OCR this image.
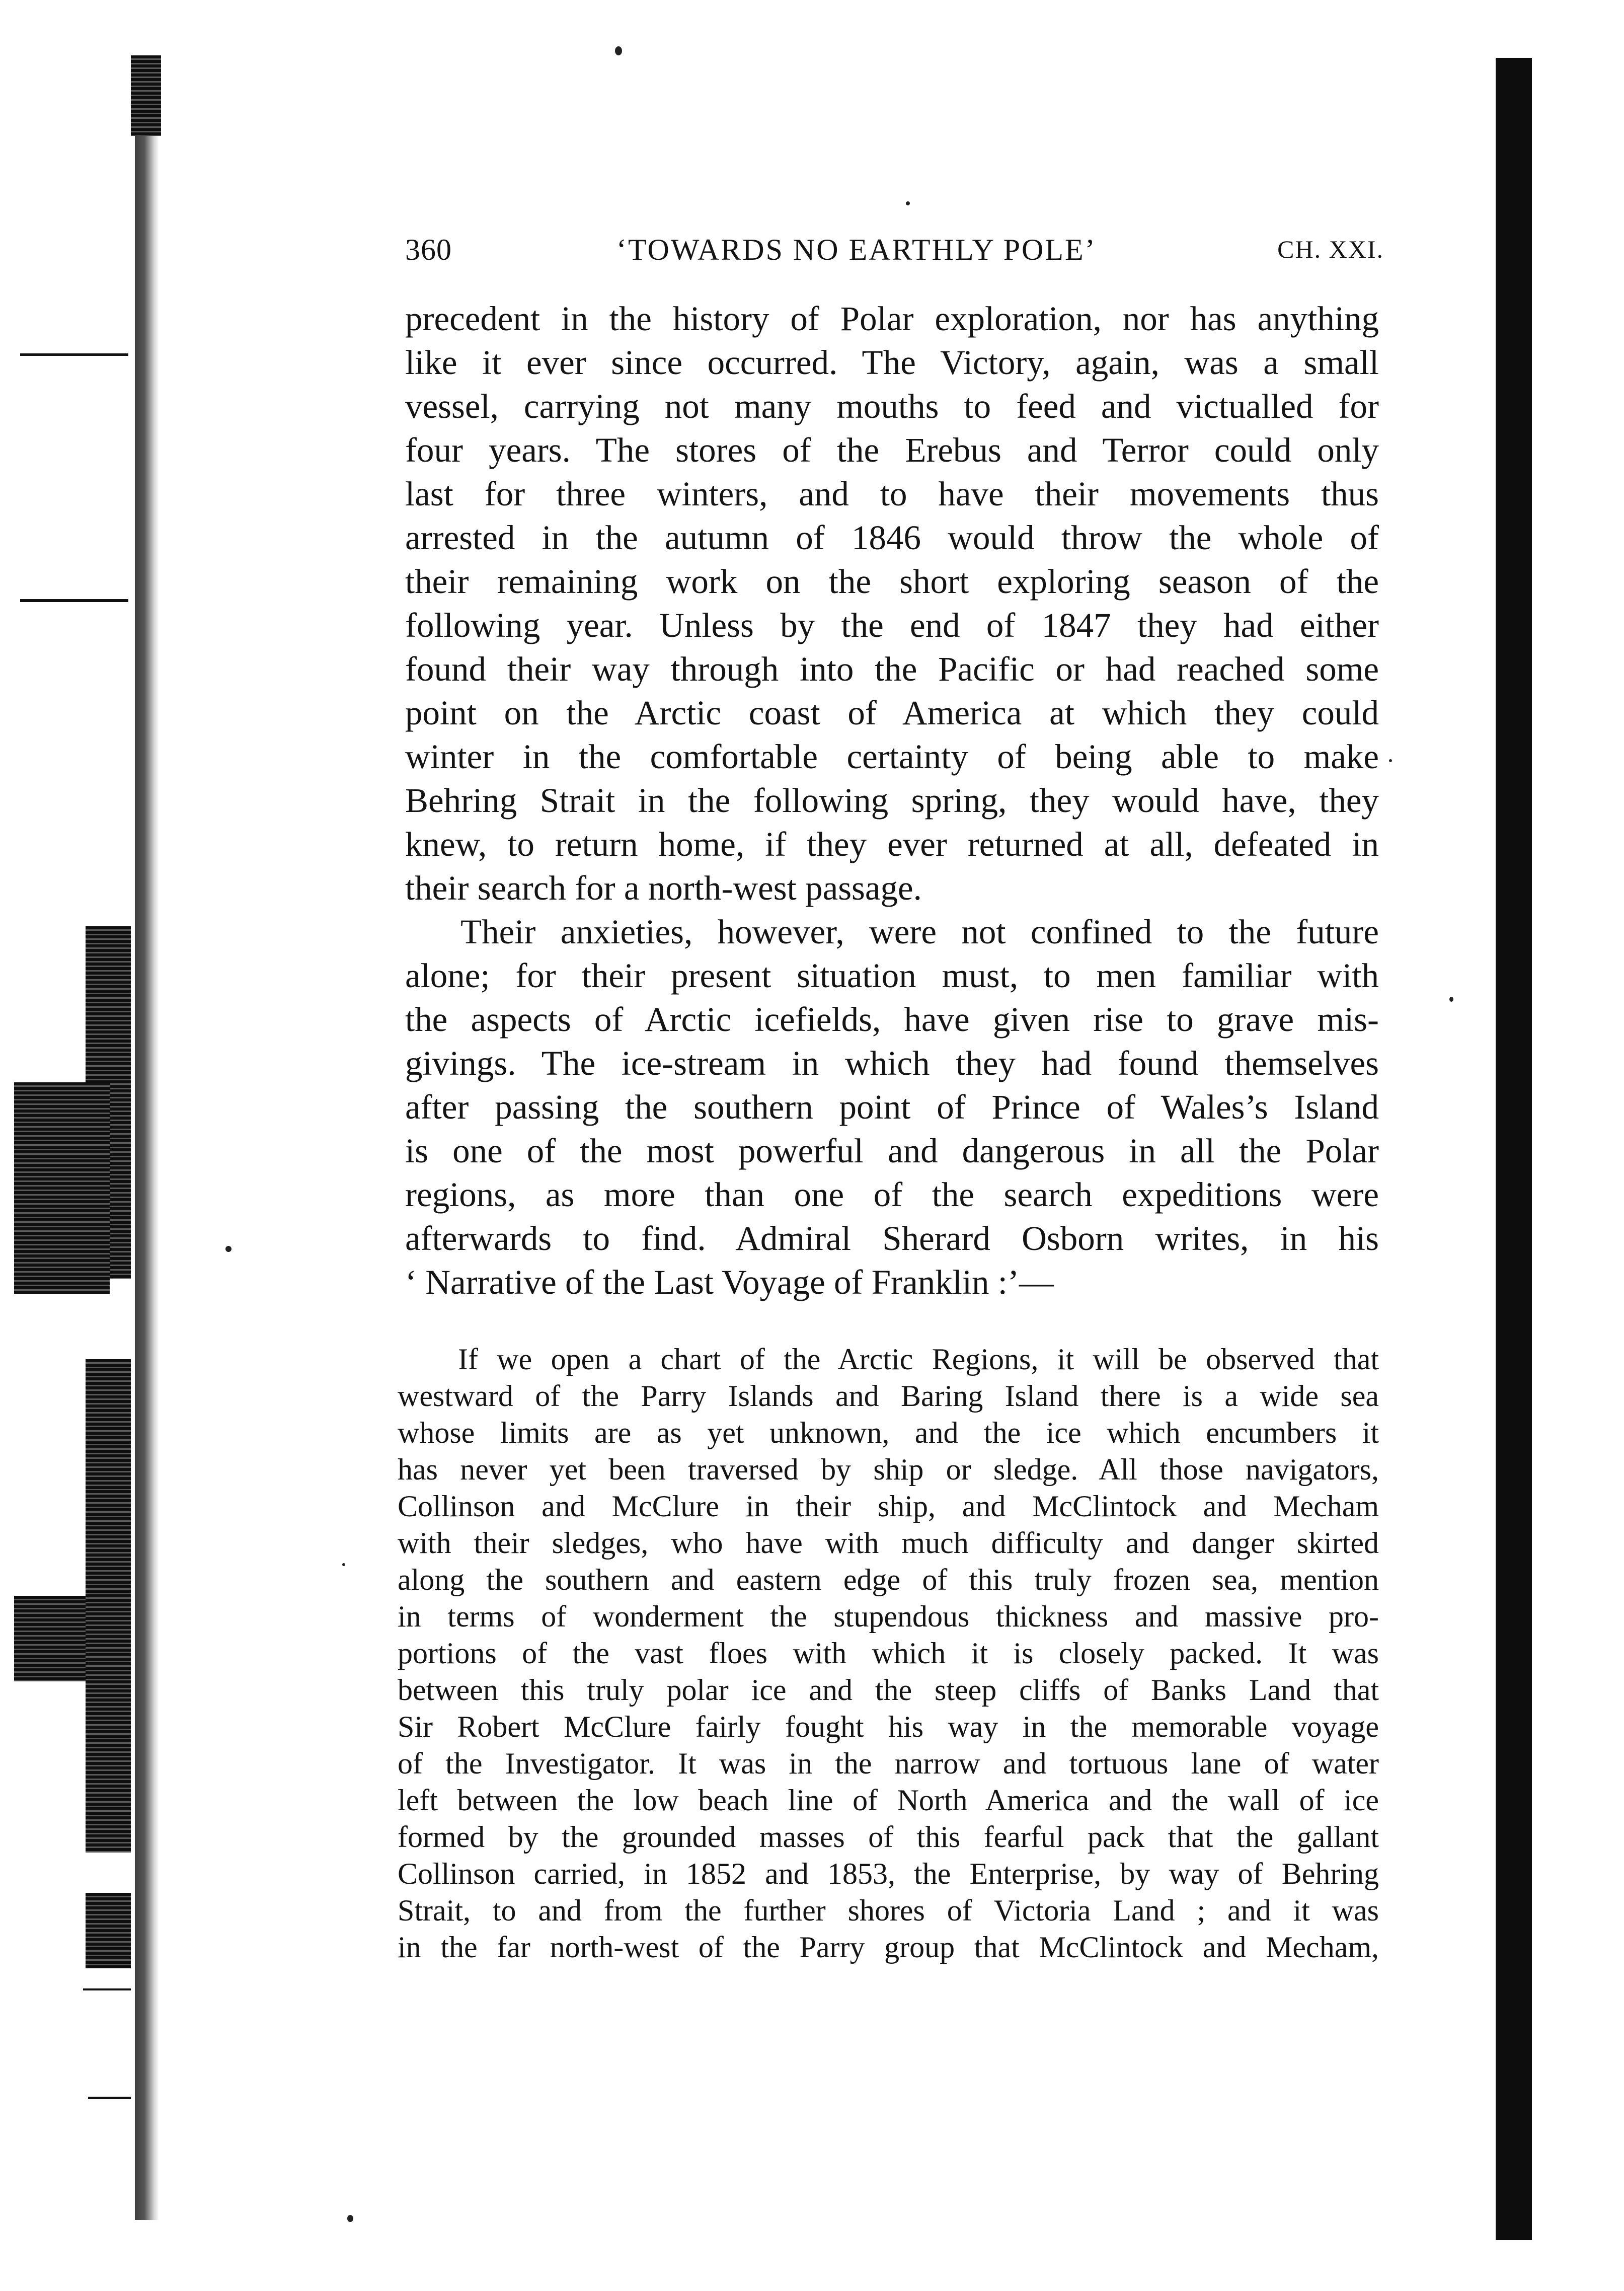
360	‘TOWARDS NO EARTHLY POLE’	CH. XXI.
precedent in the history of Polar exploration, nor has anything
like it ever since occurred. The Victory, again, was a small
vessel, carrying not many mouths to feed and victualled for
four years. The stores of the Erebus and Terror could only
last for three winters, and to have their movements thus
arrested in the autumn of 1846 would throw the whole of
their remaining work on the short exploring season of the
following year. Unless by the end of 1847 they had either
found their way through into the Pacific or had reached some
point on the Arctic coast of America at which they could
winter in the comfortable certainty of being able to make
Behring Strait in the following spring, they would have, they
knew, to return home, if they ever returned at all, defeated in
their search for a north-west passage.
Their anxieties, however, were not confined to the future
alone; for their present situation must, to men familiar with
the aspects of Arctic icefields, have given rise to grave mis-
givings. The ice-stream in which they had found themselves
after passing the southern point of Prince of Wales’s Island
is one of the most powerful and dangerous in all the Polar
regions, as more than one of the search expeditions were
afterwards to find. Admiral Sherard Osborn writes, in his
‘ Narrative of the Last Voyage of Franklin :’—
If we open a chart of the Arctic Regions, it will be observed that
westward of the Parry Islands and Baring Island there is a wide sea
whose limits are as yet unknown, and the ice which encumbers it
has never yet been traversed by ship or sledge. All those navigators,
Collinson and McClure in their ship, and McClintock and Mecham
with their sledges, who have with much difficulty and danger skirted
along the southern and eastern edge of this truly frozen sea, mention
in terms of wonderment the stupendous thickness and massive pro-
portions of the vast floes with which it is closely packed. It was
between this truly polar ice and the steep cliffs of Banks Land that
Sir Robert McClure fairly fought his way in the memorable voyage
of the Investigator. It was in the narrow and tortuous lane of water
left between the low beach line of North America and the wall of ice
formed by the grounded masses of this fearful pack that the gallant
Collinson carried, in 1852 and 1853, the Enterprise, by way of Behring
Strait, to and from the further shores of Victoria Land ; and it was
in the far north-west of the Parry group that McClintock and Mecham,
